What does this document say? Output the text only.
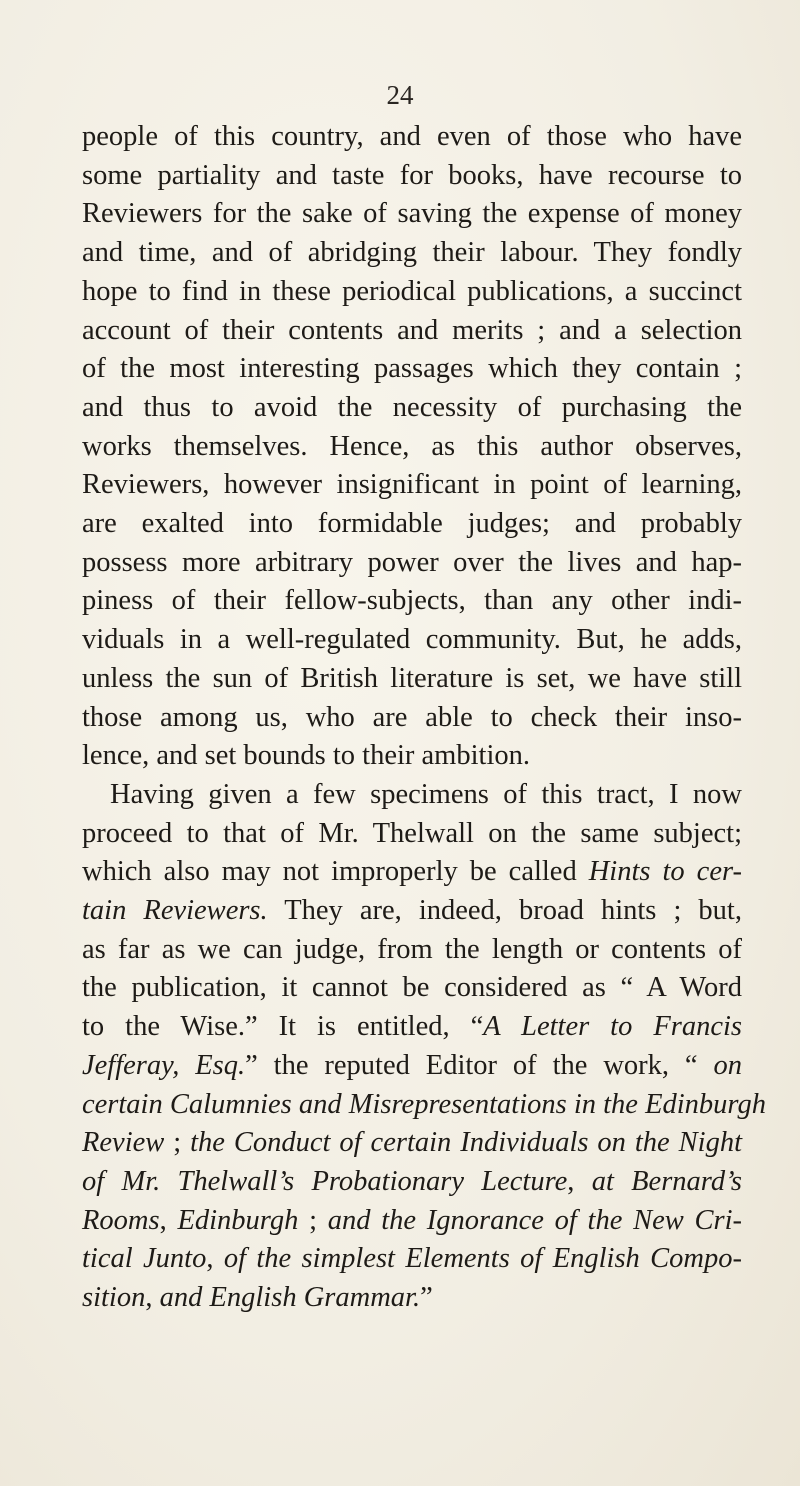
24
people of this country, and even of those who have
some partiality and taste for books, have recourse to
Reviewers for the sake of saving the expense of money
and time, and of abridging their labour. They fondly
hope to find in these periodical publications, a succinct
account of their contents and merits ; and a selection
of the most interesting passages which they contain ;
and thus to avoid the necessity of purchasing the
works themselves. Hence, as this author observes,
Reviewers, however insignificant in point of learning,
are exalted into formidable judges; and probably
possess more arbitrary power over the lives and hap-
piness of their fellow-subjects, than any other indi-
viduals in a well-regulated community. But, he adds,
unless the sun of British literature is set, we have still
those among us, who are able to check their inso-
lence, and set bounds to their ambition.
Having given a few specimens of this tract, I now
proceed to that of Mr. Thelwall on the same subject;
which also may not improperly be called Hints to cer-
tain Reviewers. They are, indeed, broad hints ; but,
as far as we can judge, from the length or contents of
the publication, it cannot be considered as “ A Word
to the Wise.” It is entitled, “A Letter to Francis
Jefferay, Esq.” the reputed Editor of the work, “ on
certain Calumnies and Misrepresentations in the Edinburgh
Review ; the Conduct of certain Individuals on the Night
of Mr. Thelwall’s Probationary Lecture, at Bernard’s
Rooms, Edinburgh ; and the Ignorance of the New Cri-
tical Junto, of the simplest Elements of English Compo-
sition, and English Grammar.”
